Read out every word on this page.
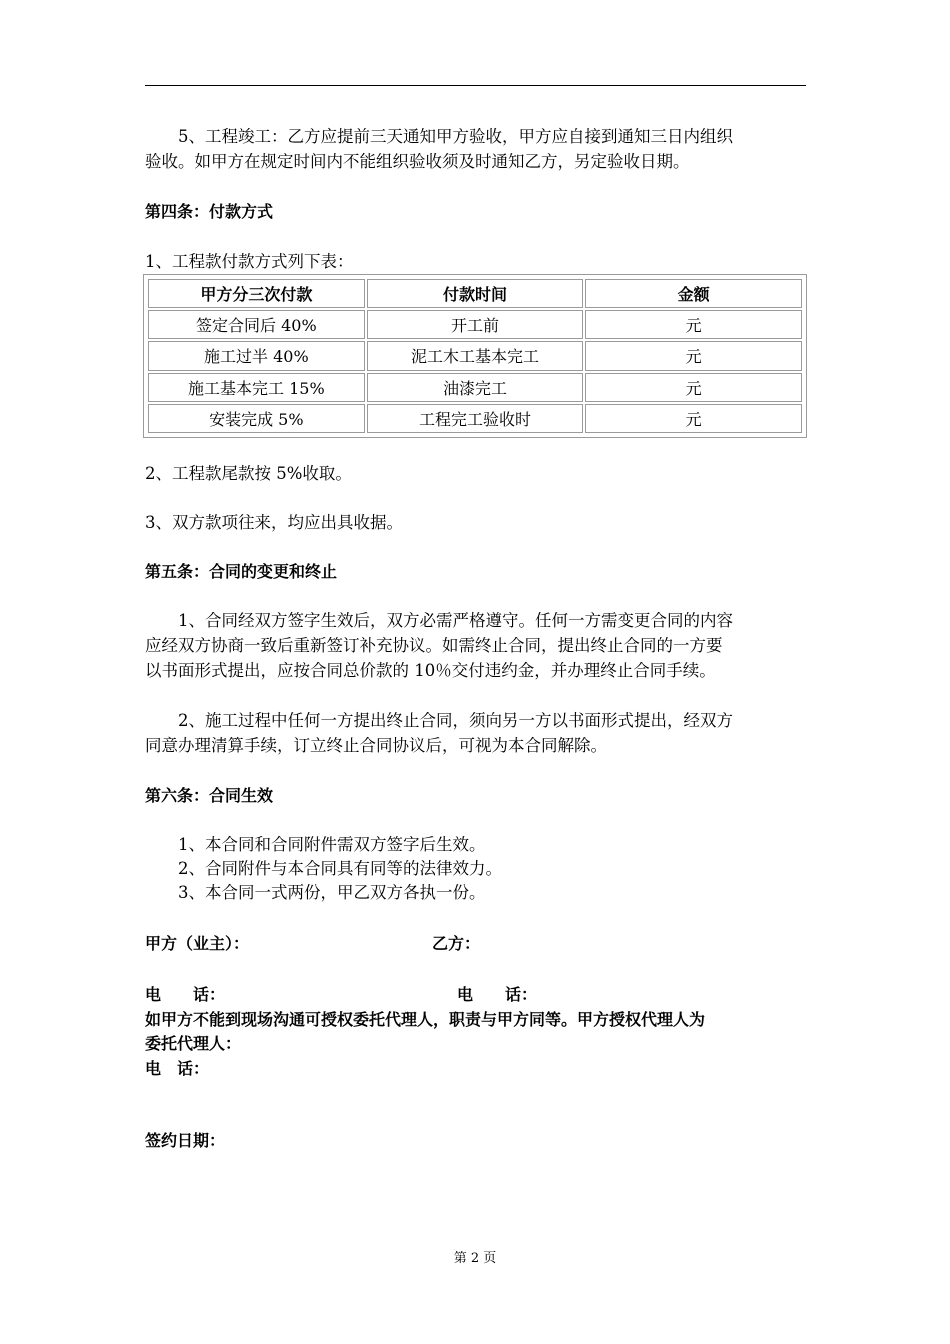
5、工程竣工：乙方应提前三天通知甲方验收，甲方应自接到通知三日内组织
验收。如甲方在规定时间内不能组织验收须及时通知乙方，另定验收日期。
第四条：付款方式
1、工程款付款方式列下表：
甲方分三次付款	付款时间	金额
签定合同后 40%	开工前	元
施工过半 40%	泥工木工基本完工	元
施工基本完工 15%	油漆完工	元
安装完成 5%	工程完工验收时	元
2、工程款尾款按 5%收取。
3、双方款项往来，均应出具收据。
第五条：合同的变更和终止
1、合同经双方签字生效后，双方必需严格遵守。任何一方需变更合同的内容
应经双方协商一致后重新签订补充协议。如需终止合同，提出终止合同的一方要
以书面形式提出，应按合同总价款的 10％交付违约金，并办理终止合同手续。
2、施工过程中任何一方提出终止合同，须向另一方以书面形式提出，经双方
同意办理清算手续，订立终止合同协议后，可视为本合同解除。
第六条：合同生效
1、本合同和合同附件需双方签字后生效。
2、合同附件与本合同具有同等的法律效力。
3、本合同一式两份，甲乙双方各执一份。
甲方（业主）：	乙方：
电　　话：	电　　话：
如甲方不能到现场沟通可授权委托代理人，职责与甲方同等。甲方授权代理人为
委托代理人：
电　话：
签约日期：
第 2 页
